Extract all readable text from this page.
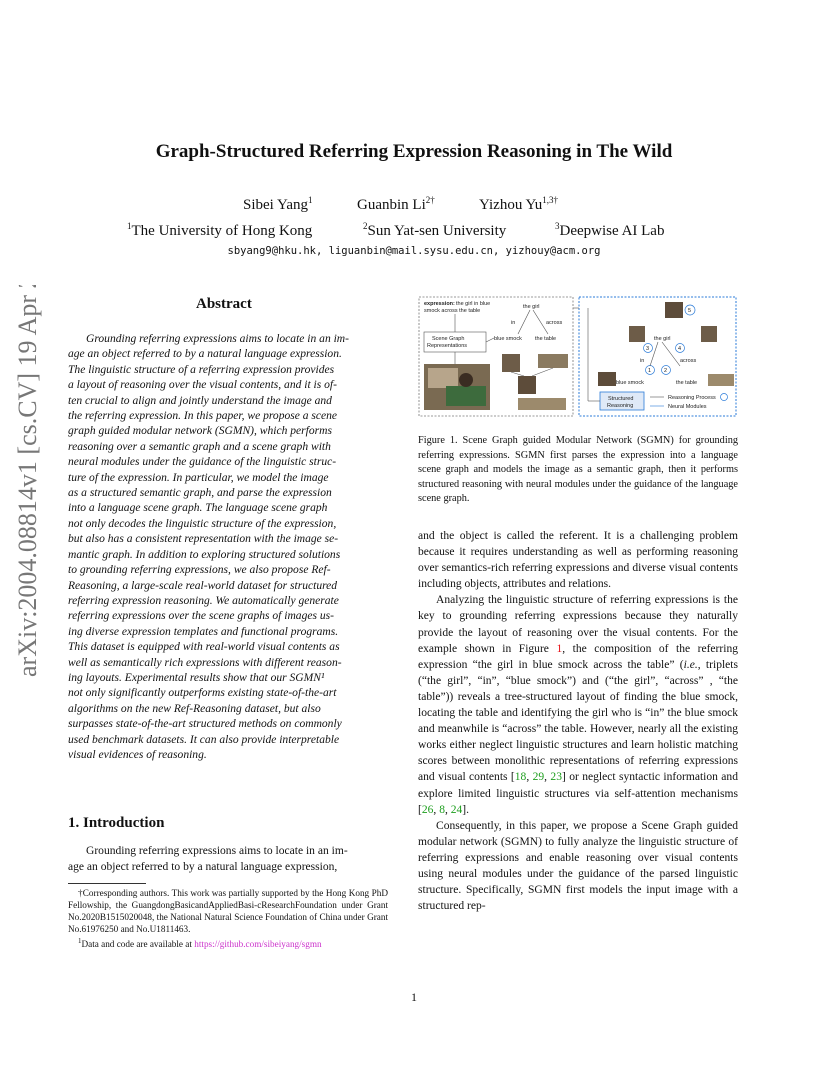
Graph-Structured Referring Expression Reasoning in The Wild
Sibei Yang$^1$	Guanbin $Li^{2\dagger}$	Yizhou $Yu^{1,3\dagger}$
$^1$The University of Hong Kong	$^2$Sun Yat-sen University	$^3$Deepwise AI Lab
sbyang9@hku.hk, liguanbin@mail.sysu.edu.cn, yizhouy@acm.org
arXiv:2004.08814v1 [cs.CV] 19 Apr 2020	Abstract
Grounding referring expressions aims to locate in an im-
age an object referred to by a natural language expression.
The linguistic structure of a referring expression provides
a layout of reasoning over the visual contents, and it is of-
ten crucial to align and jointly understand the image and
the referring expression. In this paper, we propose a scene
graph guided modular network (SGMN), which performs
reasoning over a semantic graph and a scene graph with
neural modules under the guidance of the linguistic struc-
ture of the expression. In particular, we model the image
as a structured semantic graph, and parse the expression
into a language scene graph. The language scene graph
not only decodes the linguistic structure of the expression,
but also has a consistent representation with the image se-
mantic graph. In addition to exploring structured solutions
to grounding referring expressions, we also propose Ref-
Reasoning, a large-scale real-world dataset for structured
referring expression reasoning. We automatically generate
referring expressions over the scene graphs of images us-
ing diverse expression templates and functional programs.
This dataset is equipped with real-world visual contents as
well as semantically rich expressions with different reason-
ing layouts. Experimental results show that our SGMN¹
not only significantly outperforms existing state-of-the-art
algorithms on the new Ref-Reasoning dataset, but also
surpasses state-of-the-art structured methods on commonly
used benchmark datasets. It can also provide interpretable
visual evidences of reasoning.
1. Introduction
Grounding referring expressions aims to locate in an im-
age an object referred to by a natural language expression,

†Corresponding authors. This work was partially supported by the Hong Kong PhD Fellowship, the GuangdongBasicandAppliedBasi-cResearchFoundation under Grant No.2020B1515020048, the National Natural Science Foundation of China under Grant No.61976250 and No.U1811463.

$^1$Data and code are available at https://github.com/sibeiyang/sgmn

expression: the girl in blue
smock across the table
Scene Graph
Representations
the girl
in	across
blue smock the table
5
the girl
3	4
in	across
1 2
blue smock	the table
Structured
Reasoning
Reasoning Process
Neural Modules
Figure 1. Scene Graph guided Modular Network (SGMN) for grounding referring expressions. SGMN first parses the expression into a language scene graph and models the image as a semantic graph, then it performs structured reasoning with neural modules under the guidance of the language scene graph.

and the object is called the referent. It is a challenging problem because it requires understanding as well as performing reasoning over semantics-rich referring expressions and diverse visual contents including objects, attributes and relations.

Analyzing the linguistic structure of referring expressions is the key to grounding referring expressions because they naturally provide the layout of reasoning over the visual contents. For the example shown in Figure 1, the composition of the referring expression “the girl in blue smock across the table” (i.e., triplets (“the girl”, “in”, “blue smock”) and (“the girl”, “across” , “the table”)) reveals a tree-structured layout of finding the blue smock, locating the table and identifying the girl who is “in” the blue smock and meanwhile is “across” the table. However, nearly all the existing works either neglect linguistic structures and learn holistic matching scores between monolithic representations of referring expressions and visual contents [18, 29, 23] or neglect syntactic information and explore limited linguistic structures via self-attention mechanisms [26, 8, 24].

Consequently, in this paper, we propose a Scene Graph guided modular network (SGMN) to fully analyze the linguistic structure of referring expressions and enable reasoning over visual contents using neural modules under the guidance of the parsed linguistic structure. Specifically, SGMN first models the input image with a structured rep-

1
